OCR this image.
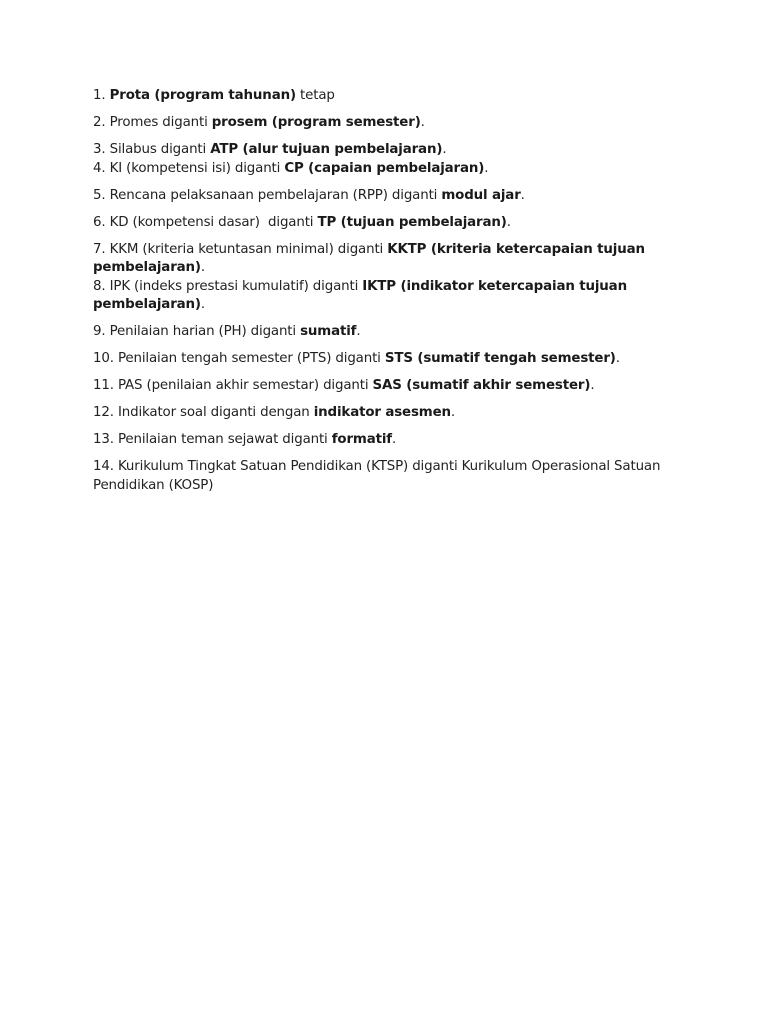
1. Prota (program tahunan) tetap

2. Promes diganti prosem (program semester).

3. Silabus diganti ATP (alur tujuan pembelajaran).

4. KI (kompetensi isi) diganti CP (capaian pembelajaran).

5. Rencana pelaksanaan pembelajaran (RPP) diganti modul ajar.

6. KD (kompetensi dasar)  diganti TP (tujuan pembelajaran).

7. KKM (kriteria ketuntasan minimal) diganti KKTP (kriteria ketercapaian tujuan pembelajaran).

8. IPK (indeks prestasi kumulatif) diganti IKTP (indikator ketercapaian tujuan pembelajaran).

9. Penilaian harian (PH) diganti sumatif.

10. Penilaian tengah semester (PTS) diganti STS (sumatif tengah semester).

11. PAS (penilaian akhir semestar) diganti SAS (sumatif akhir semester).

12. Indikator soal diganti dengan indikator asesmen.

13. Penilaian teman sejawat diganti formatif.

14. Kurikulum Tingkat Satuan Pendidikan (KTSP) diganti Kurikulum Operasional Satuan Pendidikan (KOSP)
